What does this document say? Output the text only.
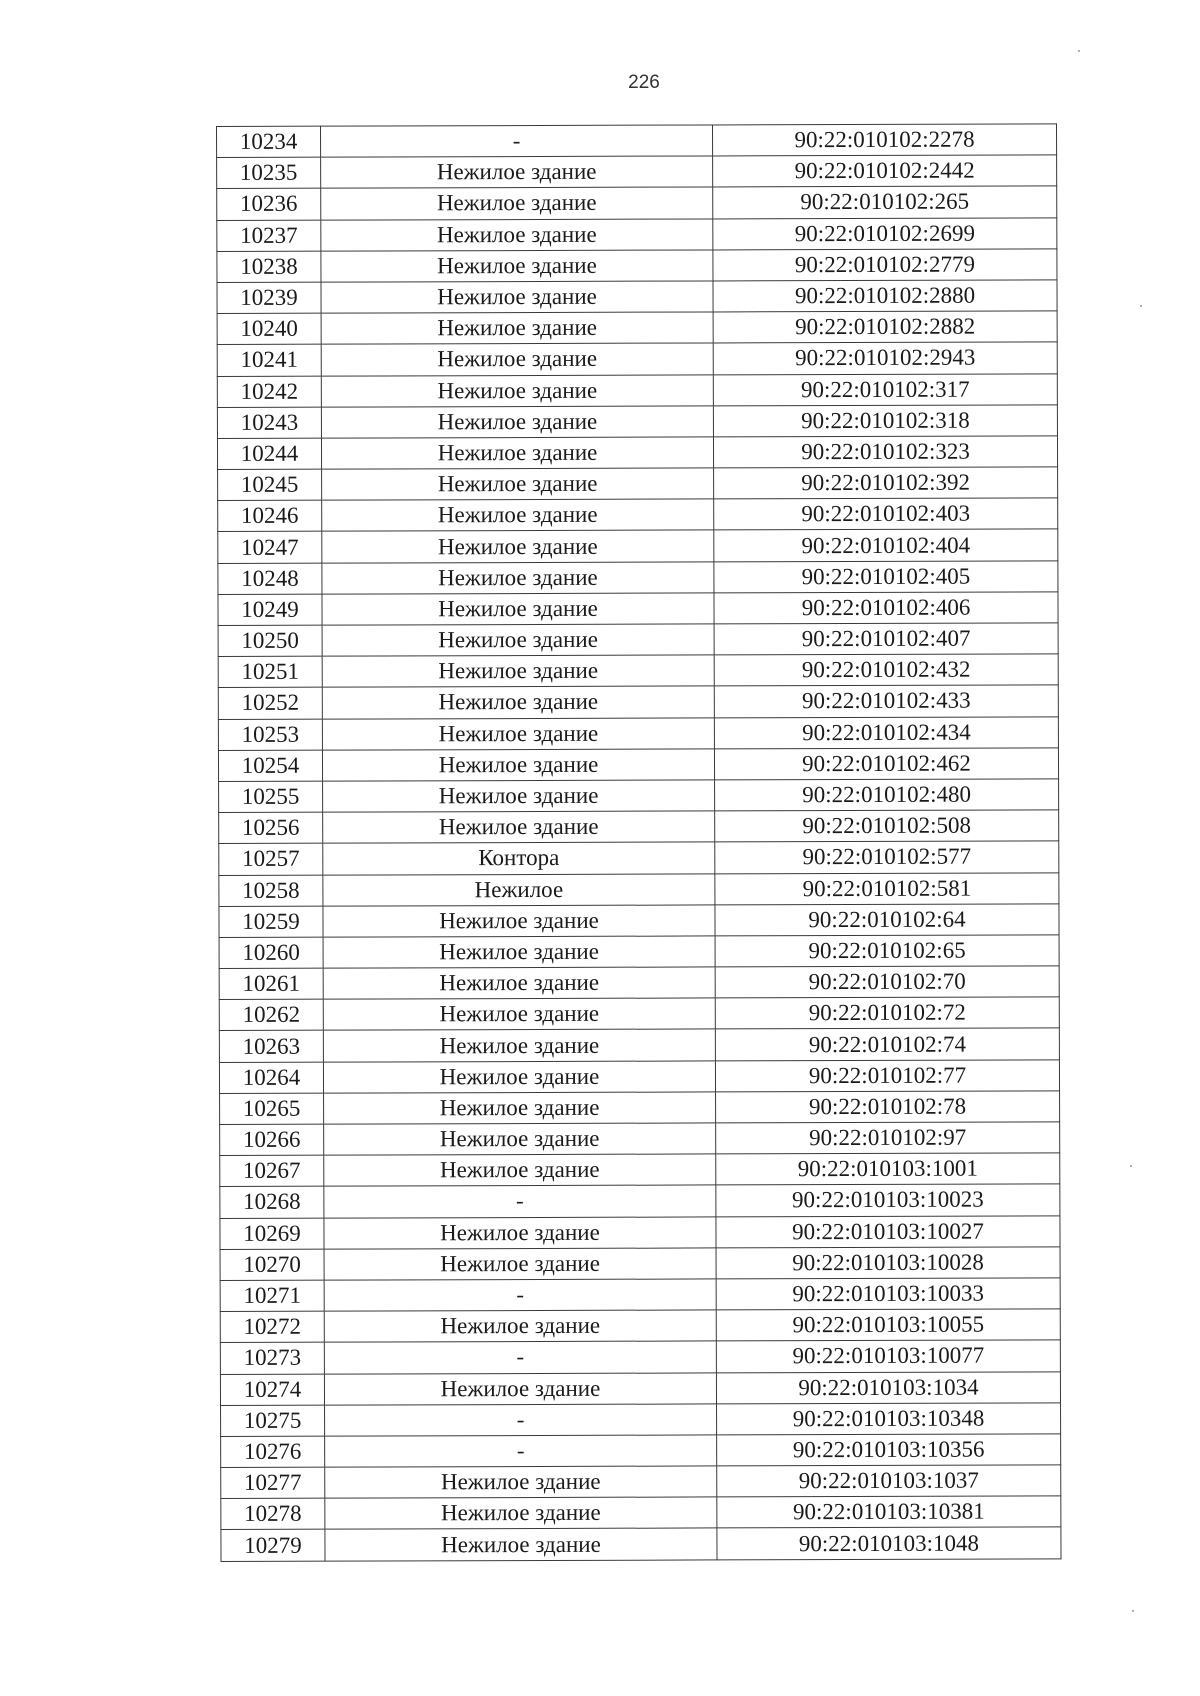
226
10234	-	90:22:010102:2278
10235	Нежилое здание	90:22:010102:2442
10236	Нежилое здание	90:22:010102:265
10237	Нежилое здание	90:22:010102:2699
10238	Нежилое здание	90:22:010102:2779
10239	Нежилое здание	90:22:010102:2880
10240	Нежилое здание	90:22:010102:2882
10241	Нежилое здание	90:22:010102:2943
10242	Нежилое здание	90:22:010102:317
10243	Нежилое здание	90:22:010102:318
10244	Нежилое здание	90:22:010102:323
10245	Нежилое здание	90:22:010102:392
10246	Нежилое здание	90:22:010102:403
10247	Нежилое здание	90:22:010102:404
10248	Нежилое здание	90:22:010102:405
10249	Нежилое здание	90:22:010102:406
10250	Нежилое здание	90:22:010102:407
10251	Нежилое здание	90:22:010102:432
10252	Нежилое здание	90:22:010102:433
10253	Нежилое здание	90:22:010102:434
10254	Нежилое здание	90:22:010102:462
10255	Нежилое здание	90:22:010102:480
10256	Нежилое здание	90:22:010102:508
10257	Контора	90:22:010102:577
10258	Нежилое	90:22:010102:581
10259	Нежилое здание	90:22:010102:64
10260	Нежилое здание	90:22:010102:65
10261	Нежилое здание	90:22:010102:70
10262	Нежилое здание	90:22:010102:72
10263	Нежилое здание	90:22:010102:74
10264	Нежилое здание	90:22:010102:77
10265	Нежилое здание	90:22:010102:78
10266	Нежилое здание	90:22:010102:97
10267	Нежилое здание	90:22:010103:1001
10268	-	90:22:010103:10023
10269	Нежилое здание	90:22:010103:10027
10270	Нежилое здание	90:22:010103:10028
10271	-	90:22:010103:10033
10272	Нежилое здание	90:22:010103:10055
10273	-	90:22:010103:10077
10274	Нежилое здание	90:22:010103:1034
10275	-	90:22:010103:10348
10276	-	90:22:010103:10356
10277	Нежилое здание	90:22:010103:1037
10278	Нежилое здание	90:22:010103:10381
10279	Нежилое здание	90:22:010103:1048
